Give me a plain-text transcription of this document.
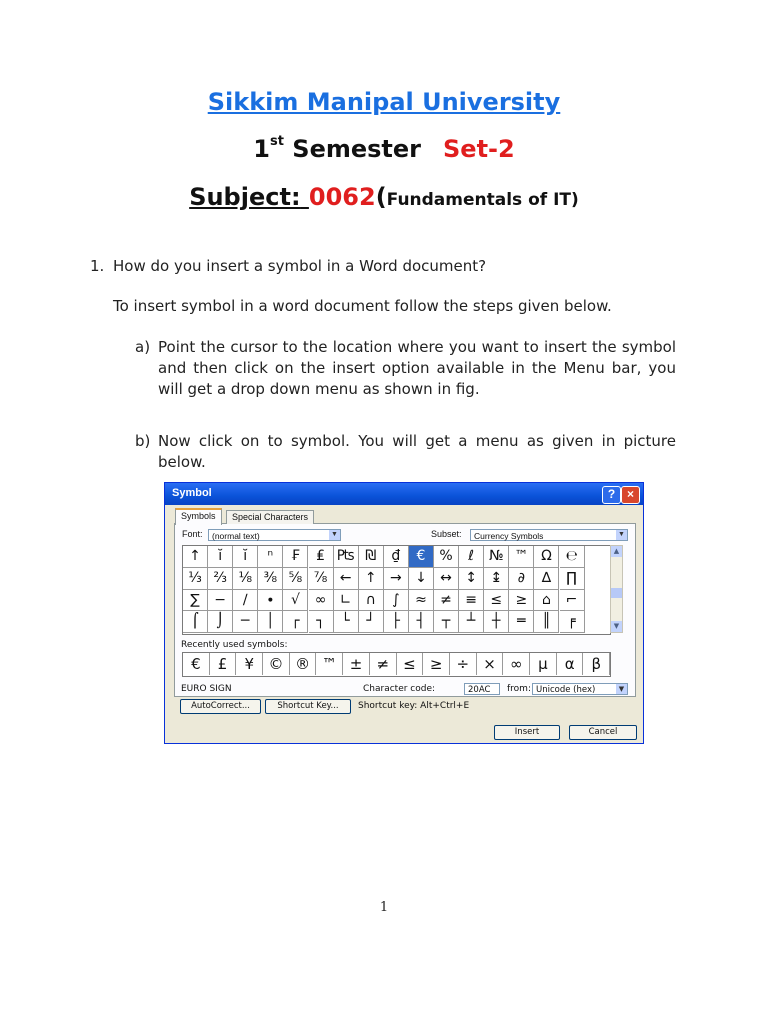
Sikkim Manipal University
1st Semester Set-2
Subject: 0062(Fundamentals of IT)
1. How do you insert a symbol in a Word document?
To insert symbol in a word document follow the steps given below.
a) Point the cursor to the location where you want to insert the symbol and then click on the insert option available in the Menu bar, you will get a drop down menu as shown in fig.
b) Now click on to symbol. You will get a menu as given in picture below.
Symbol	? ×
Special Characters
Symbols
Font:	(normal text)	▼	Subset:	Currency Symbols	▼
↑	ĭ	ĭ	ⁿ	₣	₤ ₧ ₪	₫	€	%	ℓ	№ ™ Ω ℮
⅓ ⅔ ⅛ ⅜ ⅝ ⅞ ← ↑ → ↓ ↔ ↕ ↨	∂	∆	∏
∑	−	∕	∙	√	∞ ∟	∩	∫	≈ ≠ ≡ ≤ ≥	⌂	⌐
⌠	⌡	─	│	┌	┐	└	┘	├	┤	┬	┴	┼	═	║	╒
▲
▼
Recently used symbols:
€	£	¥ © ® ™ ± ≠ ≤ ≥ ÷ × ∞	µ	α	β
EURO SIGN	Character code:	20AC	from: Unicode (hex)	▼
AutoCorrect...	Shortcut Key...	Shortcut key: Alt+Ctrl+E
Insert	Cancel
1
